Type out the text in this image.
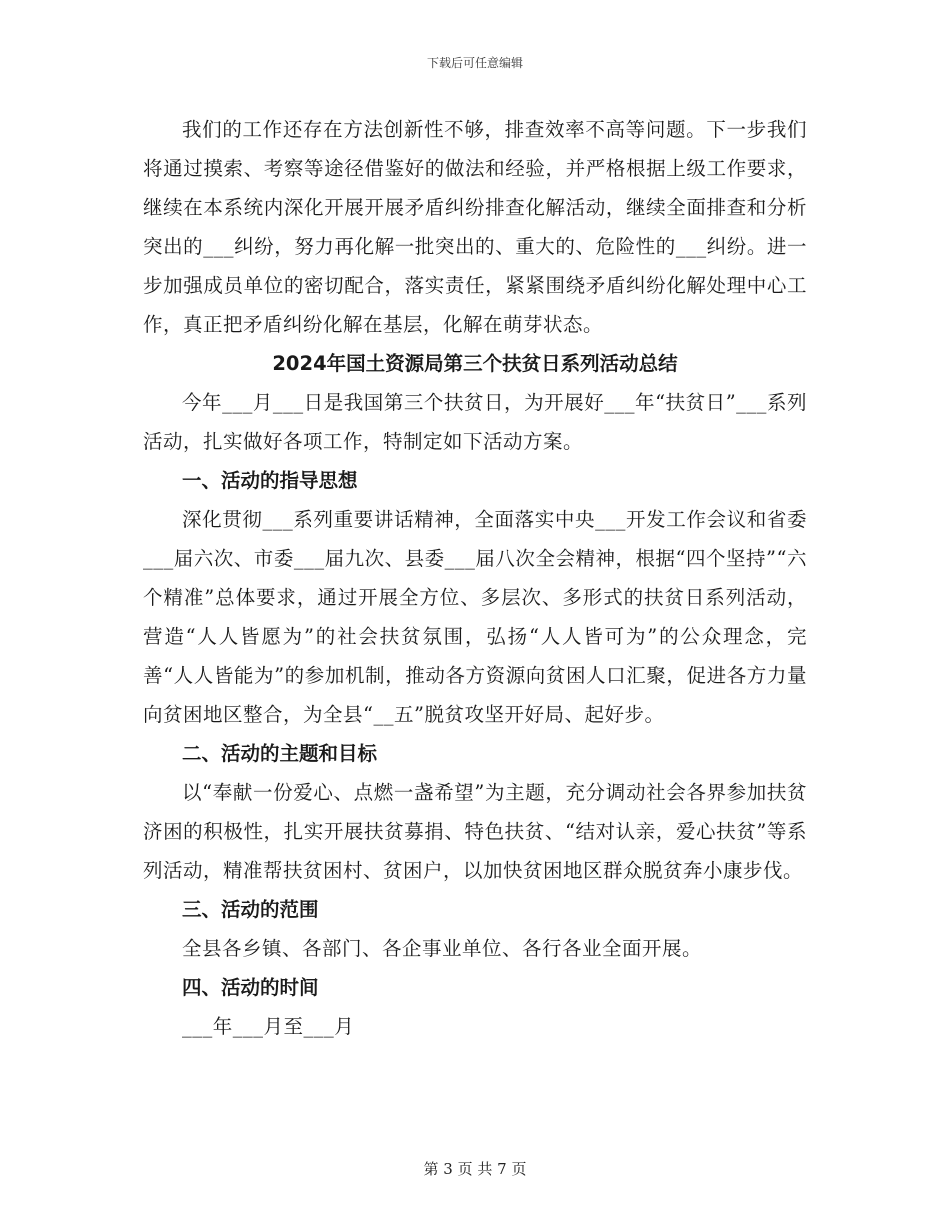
下载后可任意编辑

我们的工作还存在方法创新性不够，排查效率不高等问题。下一步我们将通过摸索、考察等途径借鉴好的做法和经验，并严格根据上级工作要求，继续在本系统内深化开展开展矛盾纠纷排查化解活动，继续全面排查和分析突出的___纠纷，努力再化解一批突出的、重大的、危险性的___纠纷。进一步加强成员单位的密切配合，落实责任，紧紧围绕矛盾纠纷化解处理中心工作，真正把矛盾纠纷化解在基层，化解在萌芽状态。

2024年国土资源局第三个扶贫日系列活动总结

今年___月___日是我国第三个扶贫日，为开展好___年“扶贫日”___系列活动，扎实做好各项工作，特制定如下活动方案。

一、活动的指导思想

深化贯彻___系列重要讲话精神，全面落实中央___开发工作会议和省委___届六次、市委___届九次、县委___届八次全会精神，根据“四个坚持”“六个精准”总体要求，通过开展全方位、多层次、多形式的扶贫日系列活动，营造“人人皆愿为”的社会扶贫氛围，弘扬“人人皆可为”的公众理念，完善“人人皆能为”的参加机制，推动各方资源向贫困人口汇聚，促进各方力量向贫困地区整合，为全县“__五”脱贫攻坚开好局、起好步。

二、活动的主题和目标

以“奉献一份爱心、点燃一盏希望”为主题，充分调动社会各界参加扶贫济困的积极性，扎实开展扶贫募捐、特色扶贫、“结对认亲，爱心扶贫”等系列活动，精准帮扶贫困村、贫困户，以加快贫困地区群众脱贫奔小康步伐。

三、活动的范围

全县各乡镇、各部门、各企事业单位、各行各业全面开展。

四、活动的时间

___年___月至___月

第 3 页 共 7 页
